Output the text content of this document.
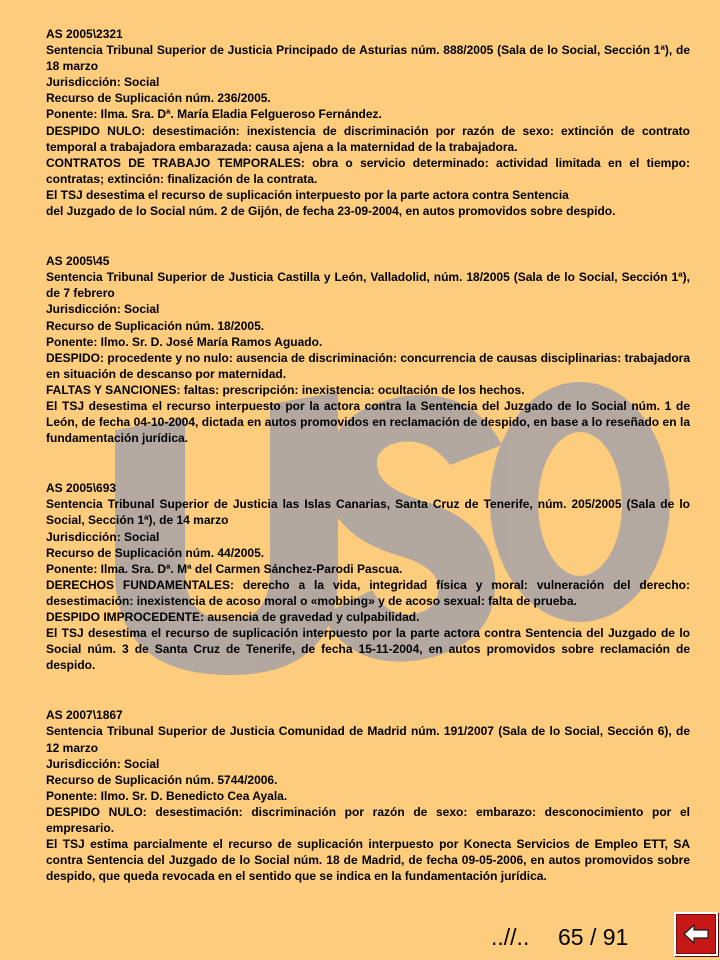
AS 2005\2321
Sentencia Tribunal Superior de Justicia Principado de Asturias núm. 888/2005 (Sala de lo Social, Sección 1ª), de 18 marzo
Jurisdicción: Social
Recurso de Suplicación núm. 236/2005.
Ponente: Ilma. Sra. Dª. María Eladia Felgueroso Fernández.
DESPIDO NULO: desestimación: inexistencia de discriminación por razón de sexo: extinción de contrato temporal a trabajadora embarazada: causa ajena a la maternidad de la trabajadora.
CONTRATOS DE TRABAJO TEMPORALES: obra o servicio determinado: actividad limitada en el tiempo: contratas; extinción: finalización de la contrata.
El TSJ desestima el recurso de suplicación interpuesto por la parte actora contra Sentencia
del Juzgado de lo Social núm. 2 de Gijón, de fecha 23-09-2004, en autos promovidos sobre despido.
AS 2005\45
Sentencia Tribunal Superior de Justicia Castilla y León, Valladolid, núm. 18/2005 (Sala de lo Social, Sección 1ª), de 7 febrero
Jurisdicción: Social
Recurso de Suplicación núm. 18/2005.
Ponente: Ilmo. Sr. D. José María Ramos Aguado.
DESPIDO: procedente y no nulo: ausencia de discriminación: concurrencia de causas disciplinarias: trabajadora en situación de descanso por maternidad.
FALTAS Y SANCIONES: faltas: prescripción: inexistencia: ocultación de los hechos.
El TSJ desestima el recurso interpuesto por la actora contra la Sentencia del Juzgado de lo Social núm. 1 de León, de fecha 04-10-2004, dictada en autos promovidos en reclamación de despido, en base a lo reseñado en la fundamentación jurídica.
AS 2005\693
Sentencia Tribunal Superior de Justicia las Islas Canarias, Santa Cruz de Tenerife, núm. 205/2005 (Sala de lo Social, Sección 1ª), de 14 marzo
Jurisdicción: Social
Recurso de Suplicación núm. 44/2005.
Ponente: Ilma. Sra. Dª. Mª del Carmen Sánchez-Parodi Pascua.
DERECHOS FUNDAMENTALES: derecho a la vida, integridad física y moral: vulneración del derecho: desestimación: inexistencia de acoso moral o «mobbing» y de acoso sexual: falta de prueba.
DESPIDO IMPROCEDENTE: ausencia de gravedad y culpabilidad.
El TSJ desestima el recurso de suplicación interpuesto por la parte actora contra Sentencia del Juzgado de lo Social núm. 3 de Santa Cruz de Tenerife, de fecha 15-11-2004, en autos promovidos sobre reclamación de despido.
AS 2007\1867
Sentencia Tribunal Superior de Justicia Comunidad de Madrid núm. 191/2007 (Sala de lo Social, Sección 6), de 12 marzo
Jurisdicción: Social
Recurso de Suplicación núm. 5744/2006.
Ponente: Ilmo. Sr. D. Benedicto Cea Ayala.
DESPIDO NULO: desestimación: discriminación por razón de sexo: embarazo: desconocimiento por el empresario.
El TSJ estima parcialmente el recurso de suplicación interpuesto por Konecta Servicios de Empleo ETT, SA contra Sentencia del Juzgado de lo Social núm. 18 de Madrid, de fecha 09-05-2006, en autos promovidos sobre despido, que queda revocada en el sentido que se indica en la fundamentación jurídica.
..//.. 65 / 91
